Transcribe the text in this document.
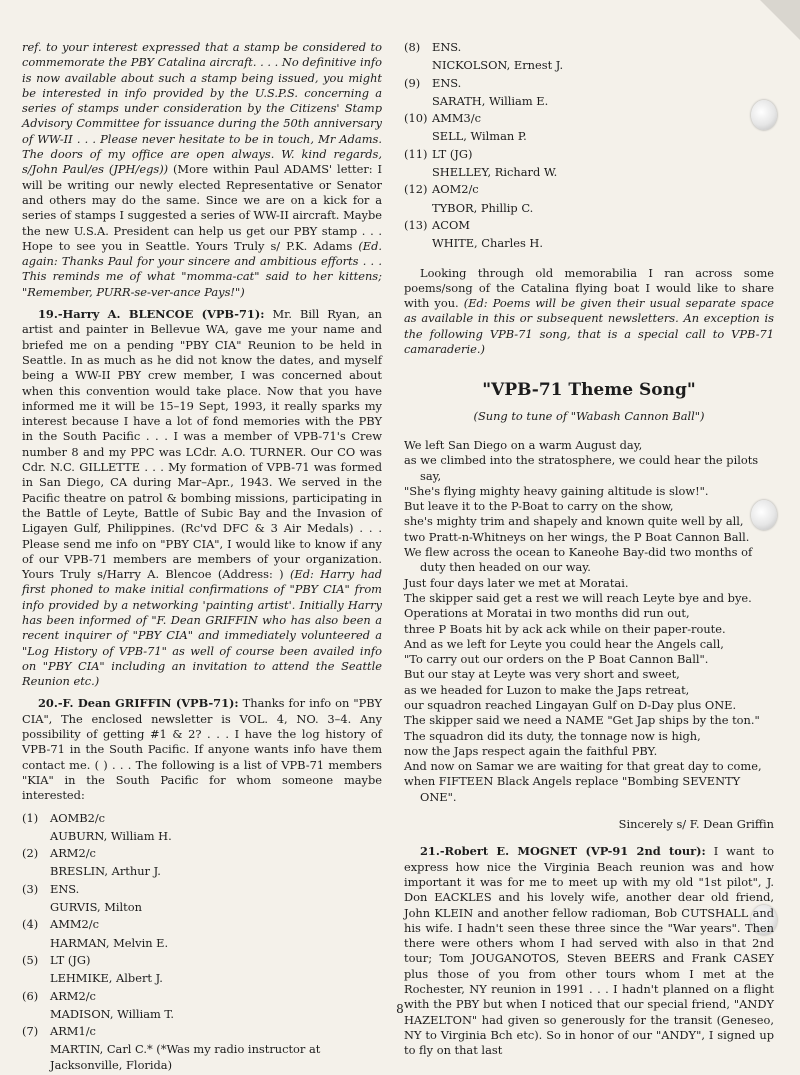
ref. to your interest expressed that a stamp be considered to commemorate the PBY Catalina aircraft. . . . No definitive info is now available about such a stamp being issued, you might be interested in info provided by the U.S.P.S. concerning a series of stamps under consideration by the Citizens' Stamp Advisory Committee for issuance during the 50th anniversary of WW-II . . . Please never hesitate to be in touch, Mr Adams. The doors of my office are open always. W. kind regards, s/John Paul/es (JPH/egs)) (More within Paul ADAMS' letter: I will be writing our newly elected Representative or Senator and others may do the same. Since we are on a kick for a series of stamps I suggested a series of WW-II aircraft. Maybe the new U.S.A. President can help us get our PBY stamp . . . Hope to see you in Seattle. Yours Truly s/ P.K. Adams (Ed. again: Thanks Paul for your sincere and ambitious efforts . . . This reminds me of what "momma-cat" said to her kittens; "Remember, PURR-se-ver-ance Pays!")

19.-Harry A. BLENCOE (VPB-71): Mr. Bill Ryan, an artist and painter in Bellevue WA, gave me your name and briefed me on a pending "PBY CIA" Reunion to be held in Seattle. In as much as he did not know the dates, and myself being a WW-II PBY crew member, I was concerned about when this convention would take place. Now that you have informed me it will be 15–19 Sept, 1993, it really sparks my interest because I have a lot of fond memories with the PBY in the South Pacific . . . I was a member of VPB-71's Crew number 8 and my PPC was LCdr. A.O. TURNER. Our CO was Cdr. N.C. GILLETTE . . . My formation of VPB-71 was formed in San Diego, CA during Mar–Apr., 1943. We served in the Pacific theatre on patrol & bombing missions, participating in the Battle of Leyte, Battle of Subic Bay and the Invasion of Ligayen Gulf, Philippines. (Rc'vd DFC & 3 Air Medals) . . . Please send me info on "PBY CIA", I would like to know if any of our VPB-71 members are members of your organization. Yours Truly s/Harry A. Blencoe (Address: ) (Ed: Harry had first phoned to make initial confirmations of "PBY CIA" from info provided by a networking 'painting artist'. Initially Harry has been informed of "F. Dean GRIFFIN who has also been a recent inquirer of "PBY CIA" and immediately volunteered a "Log History of VPB-71" as well of course been availed info on "PBY CIA" including an invitation to attend the Seattle Reunion etc.)

20.-F. Dean GRIFFIN (VPB-71): Thanks for info on "PBY CIA", The enclosed newsletter is VOL. 4, NO. 3–4. Any possibility of getting #1 & 2? . . . I have the log history of VPB-71 in the South Pacific. If anyone wants info have them contact me. ( ) . . . The following is a list of VPB-71 members "KIA" in the South Pacific for whom someone maybe interested:

(1)	AOMB2/c
AUBURN, William H.
(2)	ARM2/c
BRESLIN, Arthur J.
(3)	ENS.
GURVIS, Milton
(4)	AMM2/c
HARMAN, Melvin E.
(5)	LT (JG)
LEHMIKE, Albert J.
(6)	ARM2/c
MADISON, William T.
(7)	ARM1/c
MARTIN, Carl C.* (*Was my radio instructor at Jacksonville, Florida)
(8)	ENS.
NICKOLSON, Ernest J.
(9)	ENS.
SARATH, William E.
(10) AMM3/c
SELL, Wilman P.
(11) LT (JG)
SHELLEY, Richard W.
(12) AOM2/c
TYBOR, Phillip C.
(13) ACOM
WHITE, Charles H.

Looking through old memorabilia I ran across some poems/song of the Catalina flying boat I would like to share with you. (Ed: Poems will be given their usual separate space as available in this or subsequent newsletters. An exception is the following VPB-71 song, that is a special call to VPB-71 camaraderie.)

"VPB-71 Theme Song"
(Sung to tune of "Wabash Cannon Ball")
We left San Diego on a warm August day,
as we climbed into the stratosphere, we could hear the pilots say,
"She's flying mighty heavy gaining altitude is slow!".
But leave it to the P-Boat to carry on the show,
she's mighty trim and shapely and known quite well by all,
two Pratt-n-Whitneys on her wings, the P Boat Cannon Ball.
We flew across the ocean to Kaneohe Bay-did two months of duty then headed on our way.
Just four days later we met at Moratai.
The skipper said get a rest we will reach Leyte bye and bye.
Operations at Moratai in two months did run out,
three P Boats hit by ack ack while on their paper-route.
And as we left for Leyte you could hear the Angels call,
"To carry out our orders on the P Boat Cannon Ball".
But our stay at Leyte was very short and sweet,
as we headed for Luzon to make the Japs retreat,
our squadron reached Lingayan Gulf on D-Day plus ONE.
The skipper said we need a NAME "Get Jap ships by the ton."
The squadron did its duty, the tonnage now is high,
now the Japs respect again the faithful PBY.
And now on Samar we are waiting for that great day to come,
when FIFTEEN Black Angels replace "Bombing SEVENTY ONE".
Sincerely s/ F. Dean Griffin

21.-Robert E. MOGNET (VP-91 2nd tour): I want to express how nice the Virginia Beach reunion was and how important it was for me to meet up with my old "1st pilot", J. Don EACKLES and his lovely wife, another dear old friend, John KLEIN and another fellow radioman, Bob CUTSHALL and his wife. I hadn't seen these three since the "War years". Then there were others whom I had served with also in that 2nd tour; Tom JOUGANOTOS, Steven BEERS and Frank CASEY plus those of you from other tours whom I met at the Rochester, NY reunion in 1991 . . . I hadn't planned on a flight with the PBY but when I noticed that our special friend, "ANDY HAZELTON" had given so generously for the transit (Geneseo, NY to Virginia Bch etc). So in honor of our "ANDY", I signed up to fly on that last

8
